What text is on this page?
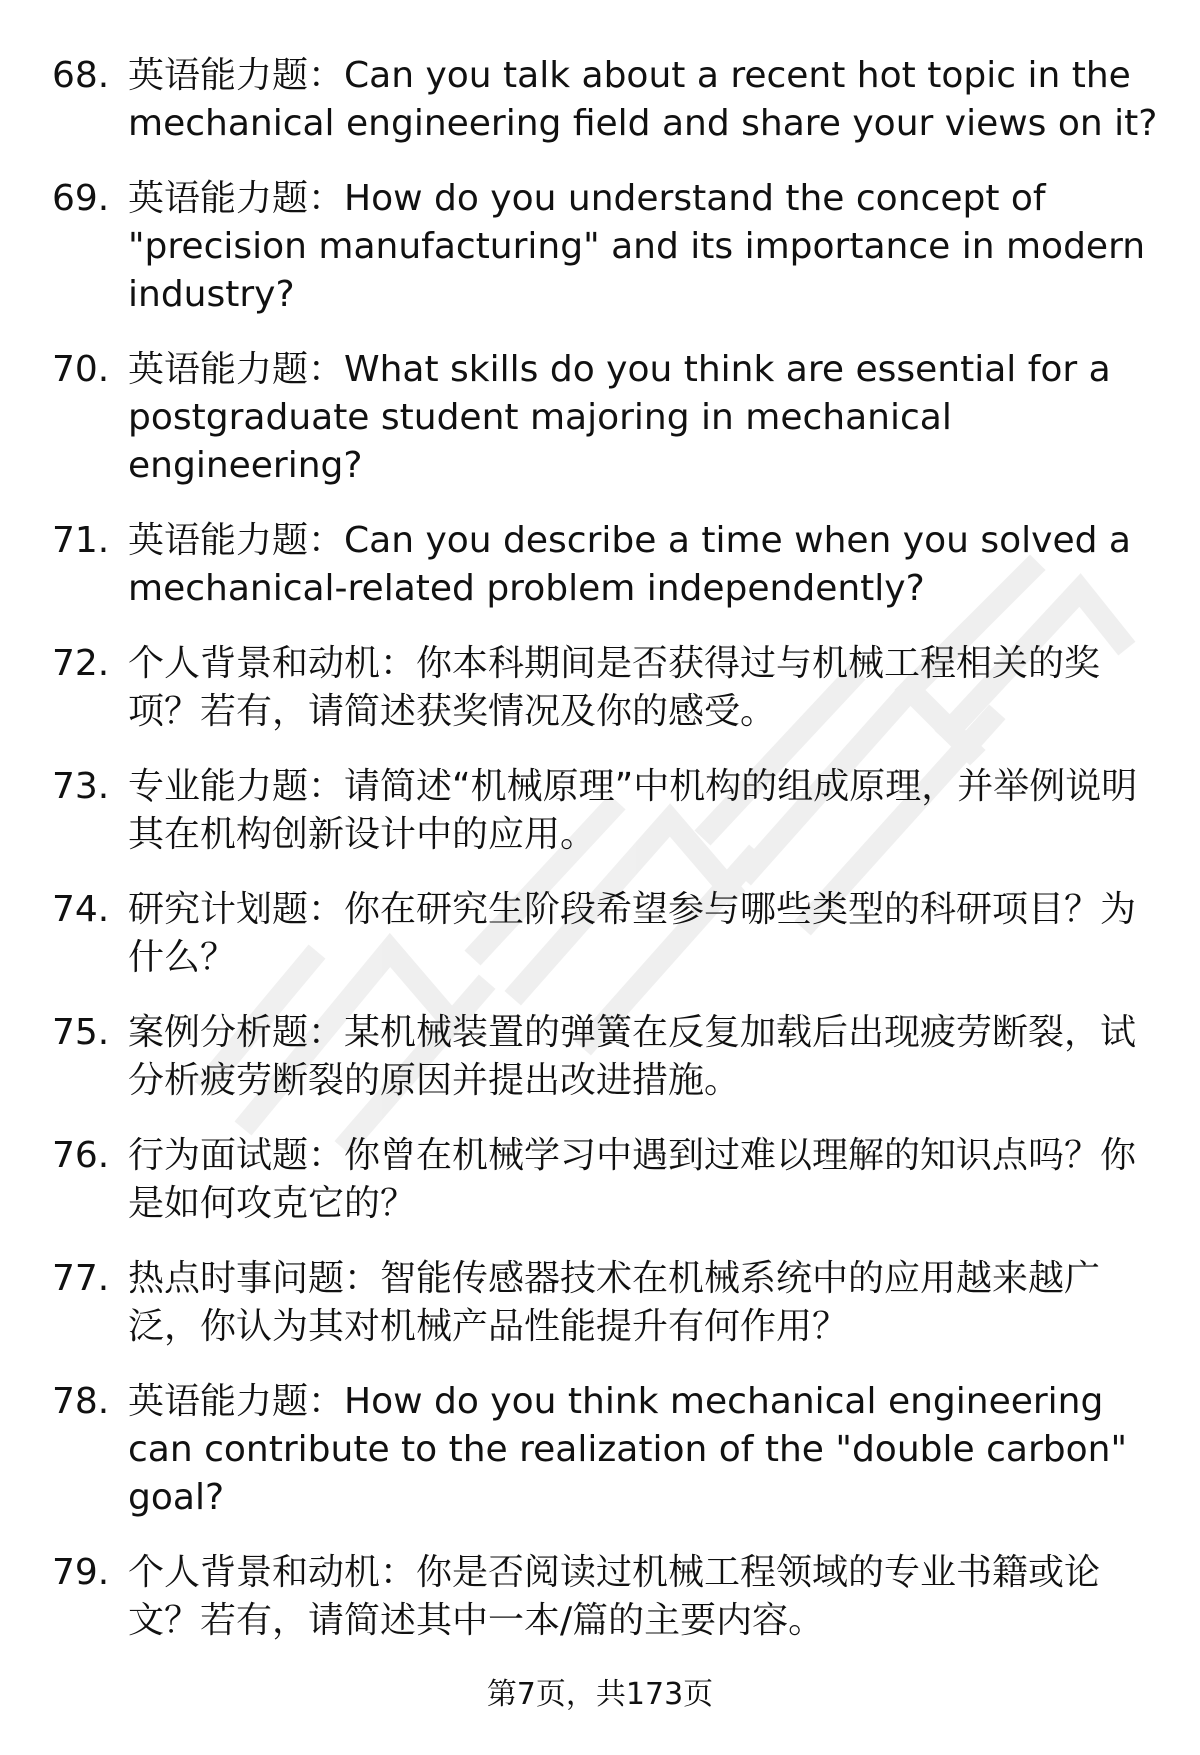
68. 英语能力题：Can you talk about a recent hot topic in the mechanical engineering field and share your views on it?
69. 英语能力题：How do you understand the concept of "precision manufacturing" and its importance in modern industry?
70. 英语能力题：What skills do you think are essential for a postgraduate student majoring in mechanical engineering?
71. 英语能力题：Can you describe a time when you solved a mechanical-related problem independently?
72. 个人背景和动机：你本科期间是否获得过与机械工程相关的奖项？若有，请简述获奖情况及你的感受。
73. 专业能力题：请简述“机械原理”中机构的组成原理，并举例说明其在机构创新设计中的应用。
74. 研究计划题：你在研究生阶段希望参与哪些类型的科研项目？为什么？
75. 案例分析题：某机械装置的弹簧在反复加载后出现疲劳断裂，试分析疲劳断裂的原因并提出改进措施。
76. 行为面试题：你曾在机械学习中遇到过难以理解的知识点吗？你是如何攻克它的？
77. 热点时事问题：智能传感器技术在机械系统中的应用越来越广泛，你认为其对机械产品性能提升有何作用？
78. 英语能力题：How do you think mechanical engineering can contribute to the realization of the "double carbon" goal?
79. 个人背景和动机：你是否阅读过机械工程领域的专业书籍或论文？若有，请简述其中一本/篇的主要内容。
第7页，共173页
